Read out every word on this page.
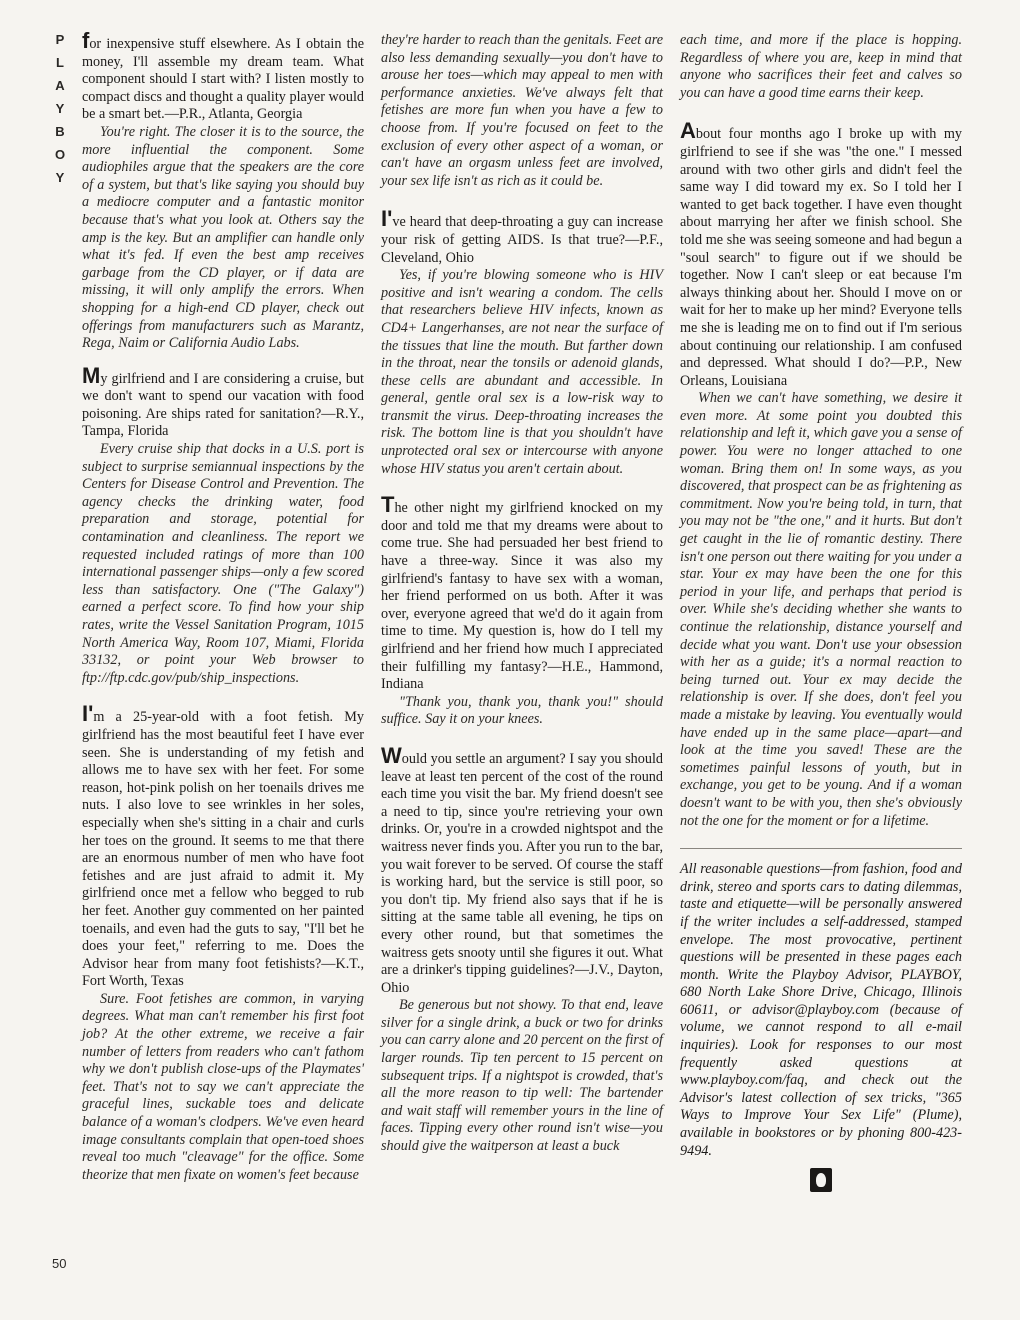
P
L
A
Y
B
O
Y
50

for inexpensive stuff elsewhere. As I obtain the money, I'll assemble my dream team. What component should I start with? I listen mostly to compact discs and thought a quality player would be a smart bet.—P.R., Atlanta, Georgia

You're right. The closer it is to the source, the more influential the component. Some audiophiles argue that the speakers are the core of a system, but that's like saying you should buy a mediocre computer and a fantastic monitor because that's what you look at. Others say the amp is the key. But an amplifier can handle only what it's fed. If even the best amp receives garbage from the CD player, or if data are missing, it will only amplify the errors. When shopping for a high-end CD player, check out offerings from manufacturers such as Marantz, Rega, Naim or California Audio Labs.

My girlfriend and I are considering a cruise, but we don't want to spend our vacation with food poisoning. Are ships rated for sanitation?—R.Y., Tampa, Florida

Every cruise ship that docks in a U.S. port is subject to surprise semiannual inspections by the Centers for Disease Control and Prevention. The agency checks the drinking water, food preparation and storage, potential for contamination and cleanliness. The report we requested included ratings of more than 100 international passenger ships—only a few scored less than satisfactory. One ("The Galaxy") earned a perfect score. To find how your ship rates, write the Vessel Sanitation Program, 1015 North America Way, Room 107, Miami, Florida 33132, or point your Web browser to ftp://ftp.cdc.gov/pub/ship_inspections.

I'm a 25-year-old with a foot fetish. My girlfriend has the most beautiful feet I have ever seen. She is understanding of my fetish and allows me to have sex with her feet. For some reason, hot-pink polish on her toenails drives me nuts. I also love to see wrinkles in her soles, especially when she's sitting in a chair and curls her toes on the ground. It seems to me that there are an enormous number of men who have foot fetishes and are just afraid to admit it. My girlfriend once met a fellow who begged to rub her feet. Another guy commented on her painted toenails, and even had the guts to say, "I'll bet he does your feet," referring to me. Does the Advisor hear from many foot fetishists?—K.T., Fort Worth, Texas

Sure. Foot fetishes are common, in varying degrees. What man can't remember his first foot job? At the other extreme, we receive a fair number of letters from readers who can't fathom why we don't publish close-ups of the Playmates' feet. That's not to say we can't appreciate the graceful lines, suckable toes and delicate balance of a woman's clodpers. We've even heard image consultants complain that open-toed shoes reveal too much "cleavage" for the office. Some theorize that men fixate on women's feet because

they're harder to reach than the genitals. Feet are also less demanding sexually—you don't have to arouse her toes—which may appeal to men with performance anxieties. We've always felt that fetishes are more fun when you have a few to choose from. If you're focused on feet to the exclusion of every other aspect of a woman, or can't have an orgasm unless feet are involved, your sex life isn't as rich as it could be.

I've heard that deep-throating a guy can increase your risk of getting AIDS. Is that true?—P.F., Cleveland, Ohio

Yes, if you're blowing someone who is HIV positive and isn't wearing a condom. The cells that researchers believe HIV infects, known as CD4+ Langerhanses, are not near the surface of the tissues that line the mouth. But farther down in the throat, near the tonsils or adenoid glands, these cells are abundant and accessible. In general, gentle oral sex is a low-risk way to transmit the virus. Deep-throating increases the risk. The bottom line is that you shouldn't have unprotected oral sex or intercourse with anyone whose HIV status you aren't certain about.

The other night my girlfriend knocked on my door and told me that my dreams were about to come true. She had persuaded her best friend to have a three-way. Since it was also my girlfriend's fantasy to have sex with a woman, her friend performed on us both. After it was over, everyone agreed that we'd do it again from time to time. My question is, how do I tell my girlfriend and her friend how much I appreciated their fulfilling my fantasy?—H.E., Hammond, Indiana

"Thank you, thank you, thank you!" should suffice. Say it on your knees.

Would you settle an argument? I say you should leave at least ten percent of the cost of the round each time you visit the bar. My friend doesn't see a need to tip, since you're retrieving your own drinks. Or, you're in a crowded nightspot and the waitress never finds you. After you run to the bar, you wait forever to be served. Of course the staff is working hard, but the service is still poor, so you don't tip. My friend also says that if he is sitting at the same table all evening, he tips on every other round, but that sometimes the waitress gets snooty until she figures it out. What are a drinker's tipping guidelines?—J.V., Dayton, Ohio

Be generous but not showy. To that end, leave silver for a single drink, a buck or two for drinks you can carry alone and 20 percent on the first of larger rounds. Tip ten percent to 15 percent on subsequent trips. If a nightspot is crowded, that's all the more reason to tip well: The bartender and wait staff will remember yours in the line of faces. Tipping every other round isn't wise—you should give the waitperson at least a buck

each time, and more if the place is hopping. Regardless of where you are, keep in mind that anyone who sacrifices their feet and calves so you can have a good time earns their keep.

About four months ago I broke up with my girlfriend to see if she was "the one." I messed around with two other girls and didn't feel the same way I did toward my ex. So I told her I wanted to get back together. I have even thought about marrying her after we finish school. She told me she was seeing someone and had begun a "soul search" to figure out if we should be together. Now I can't sleep or eat because I'm always thinking about her. Should I move on or wait for her to make up her mind? Everyone tells me she is leading me on to find out if I'm serious about continuing our relationship. I am confused and depressed. What should I do?—P.P., New Orleans, Louisiana

When we can't have something, we desire it even more. At some point you doubted this relationship and left it, which gave you a sense of power. You were no longer attached to one woman. Bring them on! In some ways, as you discovered, that prospect can be as frightening as commitment. Now you're being told, in turn, that you may not be "the one," and it hurts. But don't get caught in the lie of romantic destiny. There isn't one person out there waiting for you under a star. Your ex may have been the one for this period in your life, and perhaps that period is over. While she's deciding whether she wants to continue the relationship, distance yourself and decide what you want. Don't use your obsession with her as a guide; it's a normal reaction to being turned out. Your ex may decide the relationship is over. If she does, don't feel you made a mistake by leaving. You eventually would have ended up in the same place—apart—and look at the time you saved! These are the sometimes painful lessons of youth, but in exchange, you get to be young. And if a woman doesn't want to be with you, then she's obviously not the one for the moment or for a lifetime.

All reasonable questions—from fashion, food and drink, stereo and sports cars to dating dilemmas, taste and etiquette—will be personally answered if the writer includes a self-addressed, stamped envelope. The most provocative, pertinent questions will be presented in these pages each month. Write the Playboy Advisor, PLAYBOY, 680 North Lake Shore Drive, Chicago, Illinois 60611, or advisor@playboy.com (because of volume, we cannot respond to all e-mail inquiries). Look for responses to our most frequently asked questions at www.playboy.com/faq, and check out the Advisor's latest collection of sex tricks, "365 Ways to Improve Your Sex Life" (Plume), available in bookstores or by phoning 800-423-9494.
